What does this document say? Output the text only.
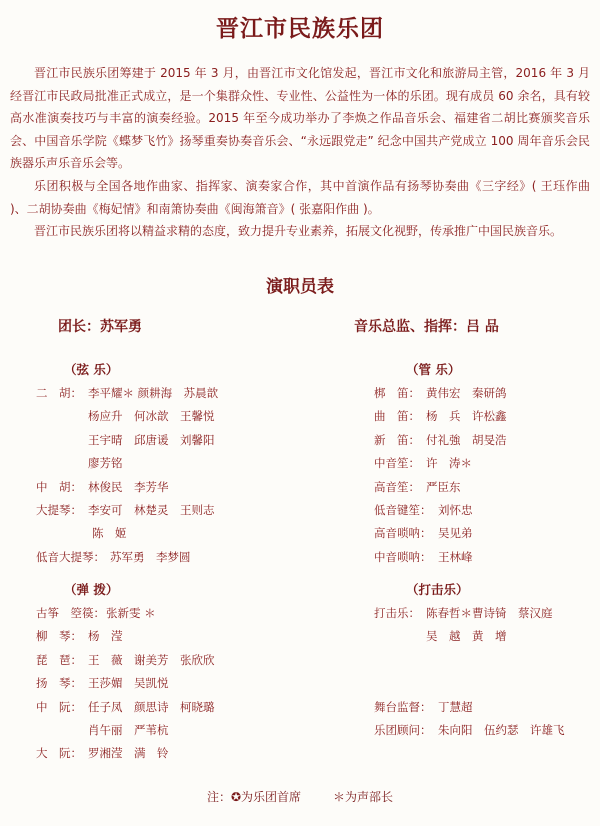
晋江市民族乐团

晋江市民族乐团筹建于 2015 年 3 月，由晋江市文化馆发起，晋江市文化和旅游局主管，2016 年 3 月经晋江市民政局批准正式成立，是一个集群众性、专业性、公益性为一体的乐团。现有成员 60 余名，具有较高水准演奏技巧与丰富的演奏经验。2015 年至今成功举办了李焕之作品音乐会、福建省二胡比赛颁奖音乐会、中国音乐学院《蝶梦飞竹》扬琴重奏协奏音乐会、“永远跟党走” 纪念中国共产党成立 100 周年音乐会民族器乐声乐音乐会等。

乐团积极与全国各地作曲家、指挥家、演奏家合作，其中首演作品有扬琴协奏曲《三字经》( 王珏作曲 )、二胡协奏曲《梅妃情》和南箫协奏曲《闽海箫音》( 张嘉阳作曲 )。

晋江市民族乐团将以精益求精的态度，致力提升专业素养，拓展文化视野，传承推广中国民族音乐。

演职员表
团长：苏军勇	音乐总监、指挥：吕 品
（弦 乐）
二　胡： 李平耀＊ 颜耕海　苏晨歆
杨应升　何冰歆　王馨悦
王宇晴　邱唐谖　刘馨阳
廖芳铭
中　胡： 林俊民　李芳华
大提琴： 李安可　林楚灵　王则志
陈　姬
低音大提琴： 苏军勇　李梦圆
（管 乐）
梆　笛： 黄伟宏　秦研鸽
曲　笛： 杨　兵　许松鑫
新　笛： 付礼強　胡旻浩
中音笙： 许　涛＊
高音笙： 严臣东
低音键笙： 刘怀忠
高音唢呐： 吴见弟
中音唢呐： 王林峰
（弹 拨）
古筝　箜篌： 张新雯 ＊
柳　琴： 杨　滢
琵　琶： 王　薇　谢美芳　张欣欣
扬　琴： 王莎媚　吴凯悦
中　阮： 任子凤　颜思诗　柯晓璐
肖午丽　严苇杭
大　阮： 罗湘滢　满　铃
（打击乐）
打击乐： 陈春哲＊曹诗锜　蔡汉庭
吴　越　黄　增
舞台监督： 丁慧超
乐团顾问： 朱向阳　伍约瑟　许雄飞
注：✪为乐团首席	＊为声部长
